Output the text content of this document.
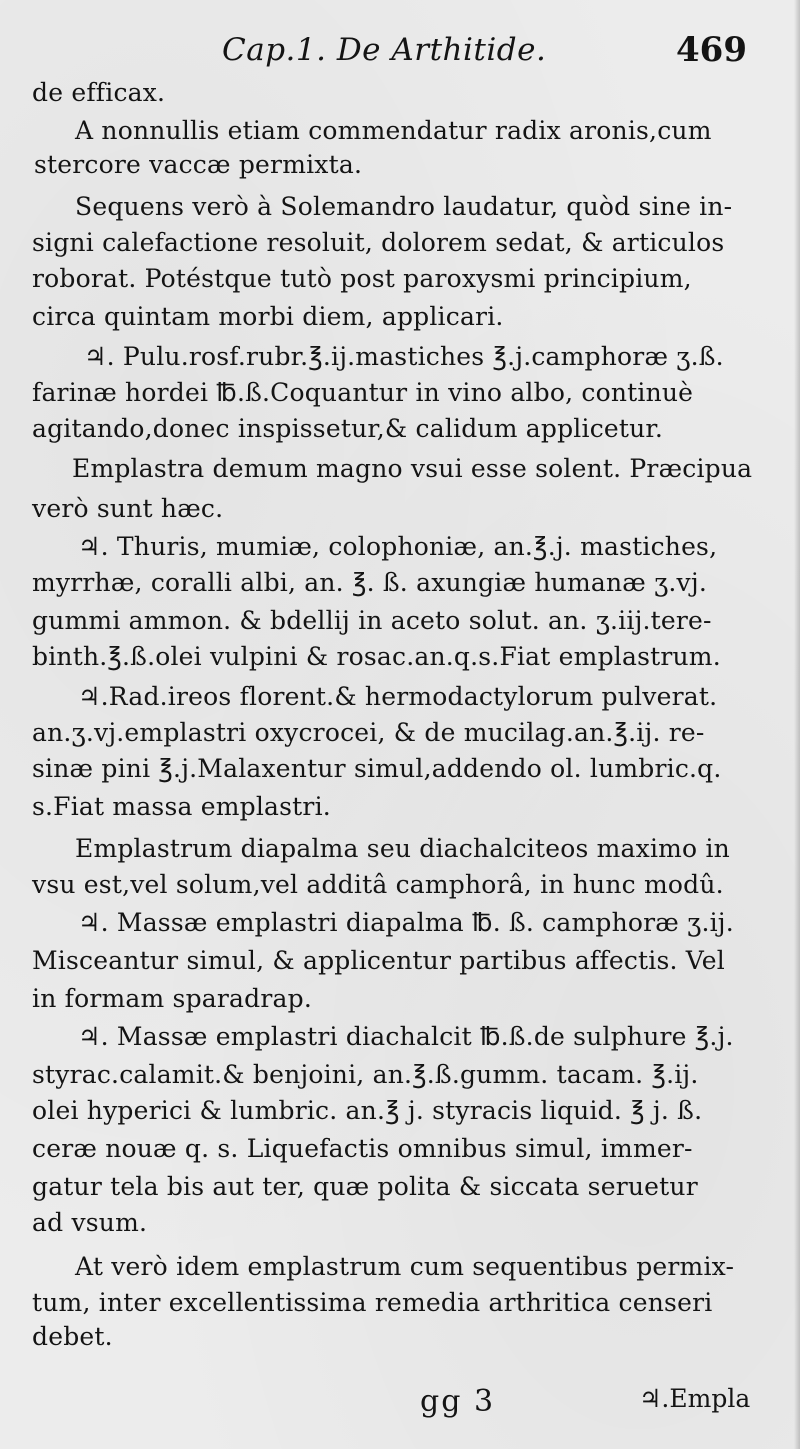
Cap.1. De Arthitide.	469
de efficax.
A nonnullis etiam commendatur radix aronis,cum
stercore vaccæ permixta.
Sequens verò à Solemandro laudatur, quòd sine in-
signi calefactione resoluit, dolorem sedat, & articulos
roborat. Potéstque tutò post paroxysmi principium,
circa quintam morbi diem, applicari.
♃. Pulu.rosf.rubr.℥.ij.mastiches ℥.j.camphoræ ʒ.ß.
farinæ hordei ℔.ß.Coquantur in vino albo, continuè
agitando,donec inspissetur,& calidum applicetur.
Emplastra demum magno vsui esse solent. Præcipua
verò sunt hæc.
♃. Thuris, mumiæ, colophoniæ, an.℥.j. mastiches,
myrrhæ, coralli albi, an. ℥. ß. axungiæ humanæ ʒ.vj.
gummi ammon. & bdellij in aceto solut. an. ʒ.iij.tere-
binth.℥.ß.olei vulpini & rosac.an.q.s.Fiat emplastrum.
♃.Rad.ireos florent.& hermodactylorum pulverat.
an.ʒ.vj.emplastri oxycrocei, & de mucilag.an.℥.ij. re-
sinæ pini ℥.j.Malaxentur simul,addendo ol. lumbric.q.
s.Fiat massa emplastri.
Emplastrum diapalma seu diachalciteos maximo in
vsu est,vel solum,vel additâ camphorâ, in hunc modû.
♃. Massæ emplastri diapalma ℔. ß. camphoræ ʒ.ij.
Misceantur simul, & applicentur partibus affectis. Vel
in formam sparadrap.
♃. Massæ emplastri diachalcit ℔.ß.de sulphure ℥.j.
styrac.calamit.& benjoini, an.℥.ß.gumm. tacam. ℥.ij.
olei hyperici & lumbric. an.℥ j. styracis liquid. ℥ j. ß.
ceræ nouæ q. s. Liquefactis omnibus simul, immer-
gatur tela bis aut ter, quæ polita & siccata seruetur
ad vsum.
At verò idem emplastrum cum sequentibus permix-
tum, inter excellentissima remedia arthritica censeri
debet.
gg 3	♃.Empla
